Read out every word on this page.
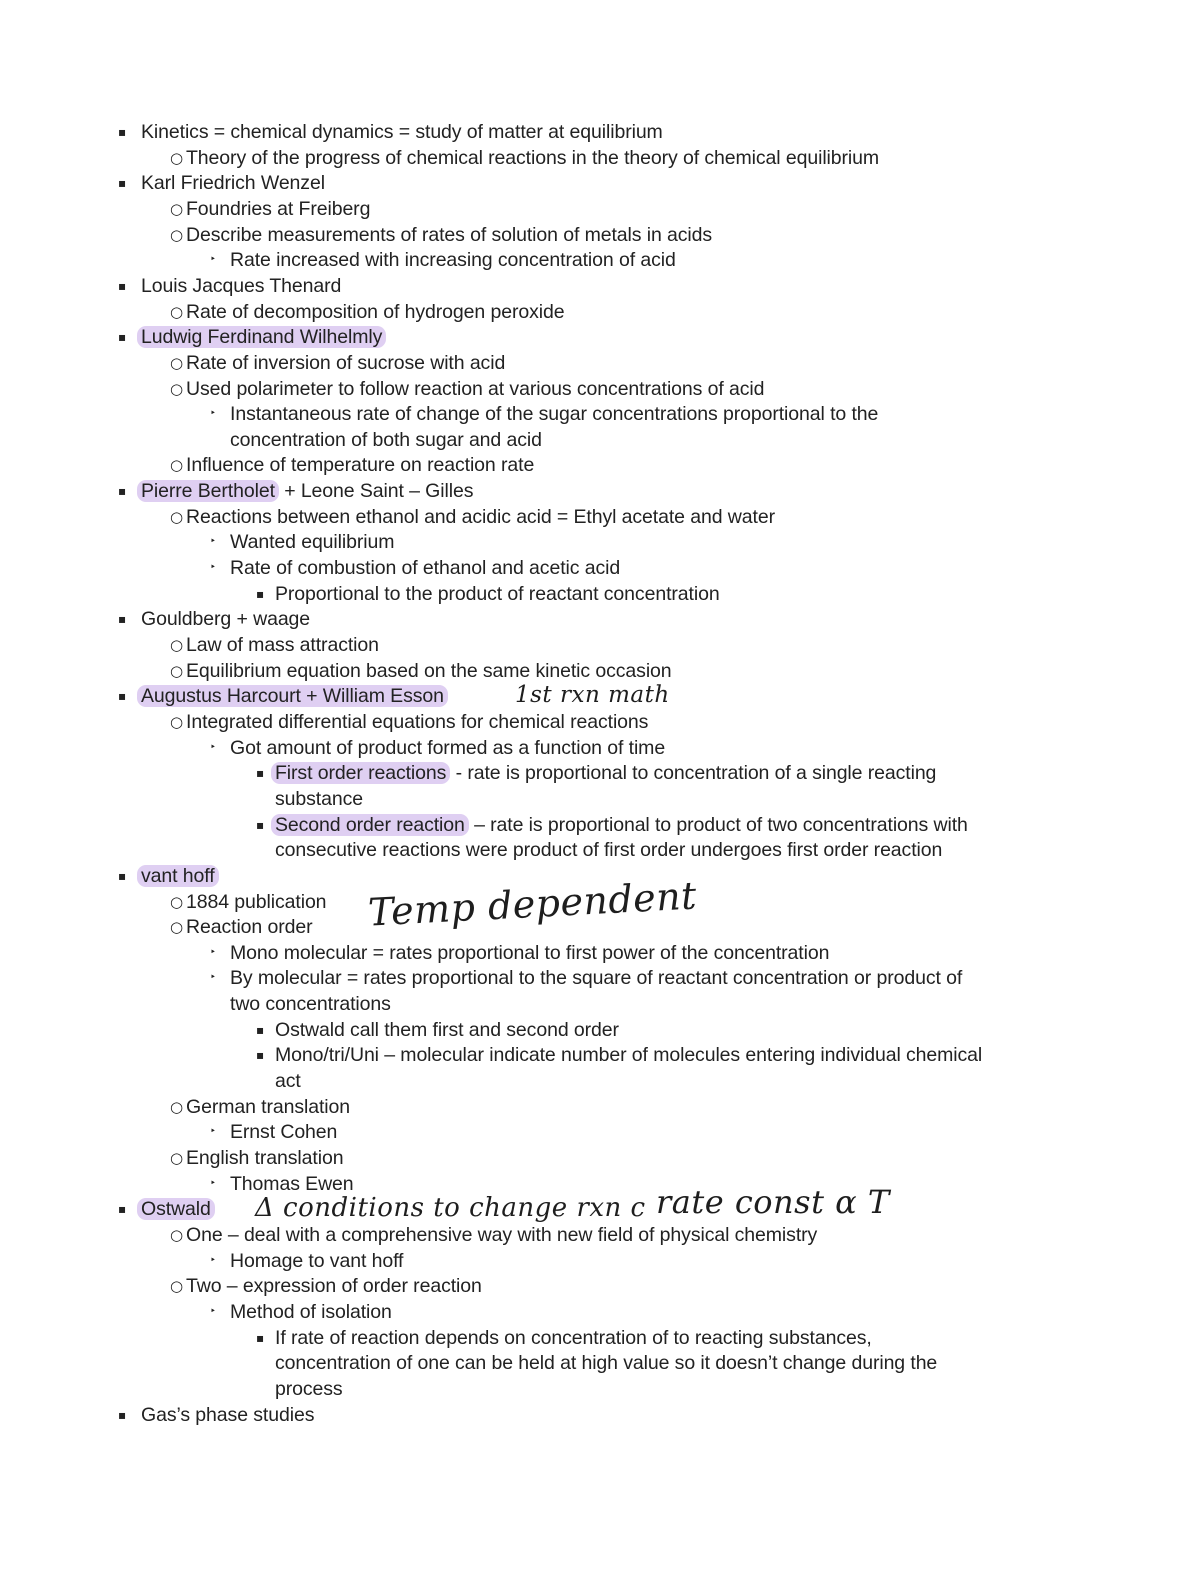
▪ Kinetics = chemical dynamics = study of matter at equilibrium
○ Theory of the progress of chemical reactions in the theory of chemical equilibrium
▪ Karl Friedrich Wenzel
○ Foundries at Freiberg
○ Describe measurements of rates of solution of metals in acids
‣ Rate increased with increasing concentration of acid
▪ Louis Jacques Thenard
○ Rate of decomposition of hydrogen peroxide
▪ Ludwig Ferdinand Wilhelmly
○ Rate of inversion of sucrose with acid
○ Used polarimeter to follow reaction at various concentrations of acid
‣ Instantaneous rate of change of the sugar concentrations proportional to the
concentration of both sugar and acid
○ Influence of temperature on reaction rate
▪ Pierre Bertholet + Leone Saint – Gilles
○ Reactions between ethanol and acidic acid = Ethyl acetate and water
‣ Wanted equilibrium
‣ Rate of combustion of ethanol and acetic acid
▪ Proportional to the product of reactant concentration
▪ Gouldberg + waage
○ Law of mass attraction
○ Equilibrium equation based on the same kinetic occasion
▪ Augustus Harcourt + William Esson
○ Integrated differential equations for chemical reactions
‣ Got amount of product formed as a function of time
▪ First order reactions - rate is proportional to concentration of a single reacting
substance
▪ Second order reaction – rate is proportional to product of two concentrations with
consecutive reactions were product of first order undergoes first order reaction
▪ vant hoff
○ 1884 publication
○ Reaction order
‣ Mono molecular = rates proportional to first power of the concentration
‣ By molecular = rates proportional to the square of reactant concentration or product of
two concentrations
▪ Ostwald call them first and second order
▪ Mono/tri/Uni – molecular indicate number of molecules entering individual chemical
act
○ German translation
‣ Ernst Cohen
○ English translation
‣ Thomas Ewen
▪ Ostwald
○ One – deal with a comprehensive way with new field of physical chemistry
‣ Homage to vant hoff
○ Two – expression of order reaction
‣ Method of isolation
▪ If rate of reaction depends on concentration of to reacting substances,
concentration of one can be held at high value so it doesn’t change during the
process
▪ Gas’s phase studies
1st rxn math
Temp dependent
Δ conditions to change rxn c rate const α T
